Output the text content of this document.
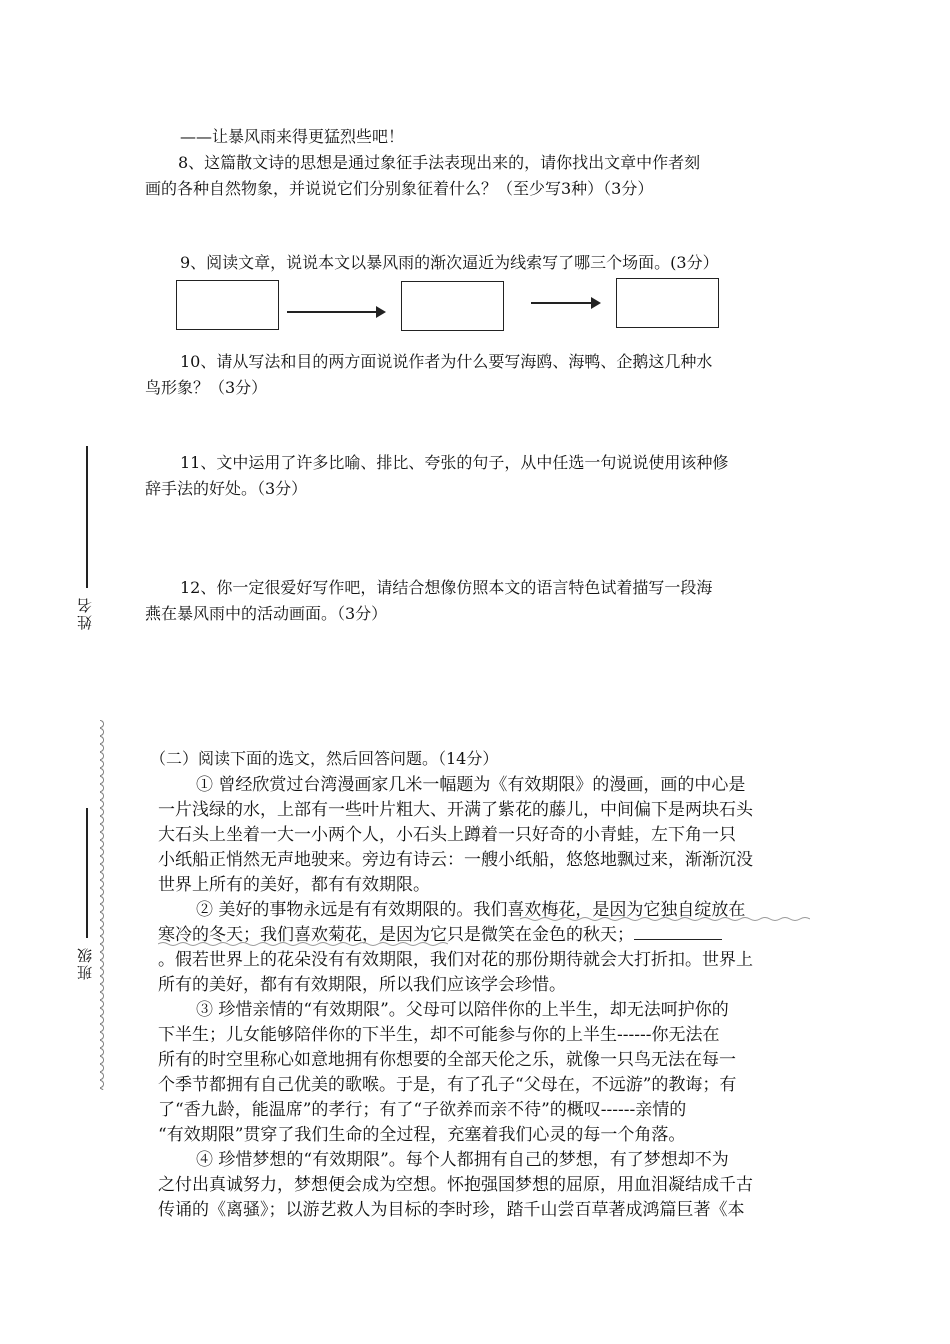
——让暴风雨来得更猛烈些吧！
8、这篇散文诗的思想是通过象征手法表现出来的，请你找出文章中作者刻
画的各种自然物象，并说说它们分别象征着什么？（至少写3种）（3分）
9、阅读文章，说说本文以暴风雨的渐次逼近为线索写了哪三个场面。(3分）
10、请从写法和目的两方面说说作者为什么要写海鸥、海鸭、企鹅这几种水
鸟形象？（3分）
11、文中运用了许多比喻、排比、夸张的句子，从中任选一句说说使用该种修
辞手法的好处。（3分）
12、你一定很爱好写作吧，请结合想像仿照本文的语言特色试着描写一段海
燕在暴风雨中的活动画面。（3分）
姓名
班级
（二）阅读下面的选文，然后回答问题。（14分）
① 曾经欣赏过台湾漫画家几米一幅题为《有效期限》的漫画，画的中心是
一片浅绿的水，上部有一些叶片粗大、开满了紫花的藤儿，中间偏下是两块石头
大石头上坐着一大一小两个人，小石头上蹲着一只好奇的小青蛙，左下角一只
小纸船正悄然无声地驶来。旁边有诗云：一艘小纸船，悠悠地飘过来，渐渐沉没
世界上所有的美好，都有有效期限。
② 美好的事物永远是有有效期限的。我们喜欢梅花，是因为它独自绽放在
寒冷的冬天；我们喜欢菊花，是因为它只是微笑在金色的秋天；
。假若世界上的花朵没有有效期限，我们对花的那份期待就会大打折扣。世界上
所有的美好，都有有效期限，所以我们应该学会珍惜。
③ 珍惜亲情的“有效期限”。父母可以陪伴你的上半生，却无法呵护你的
下半生；儿女能够陪伴你的下半生，却不可能参与你的上半生------你无法在
所有的时空里称心如意地拥有你想要的全部天伦之乐，就像一只鸟无法在每一
个季节都拥有自己优美的歌喉。于是，有了孔子“父母在，不远游”的教诲；有
了“香九龄，能温席”的孝行；有了“子欲养而亲不待”的概叹------亲情的
“有效期限”贯穿了我们生命的全过程，充塞着我们心灵的每一个角落。
④ 珍惜梦想的“有效期限”。每个人都拥有自己的梦想，有了梦想却不为
之付出真诚努力，梦想便会成为空想。怀抱强国梦想的屈原，用血泪凝结成千古
传诵的《离骚》；以游艺救人为目标的李时珍，踏千山尝百草著成鸿篇巨著《本
